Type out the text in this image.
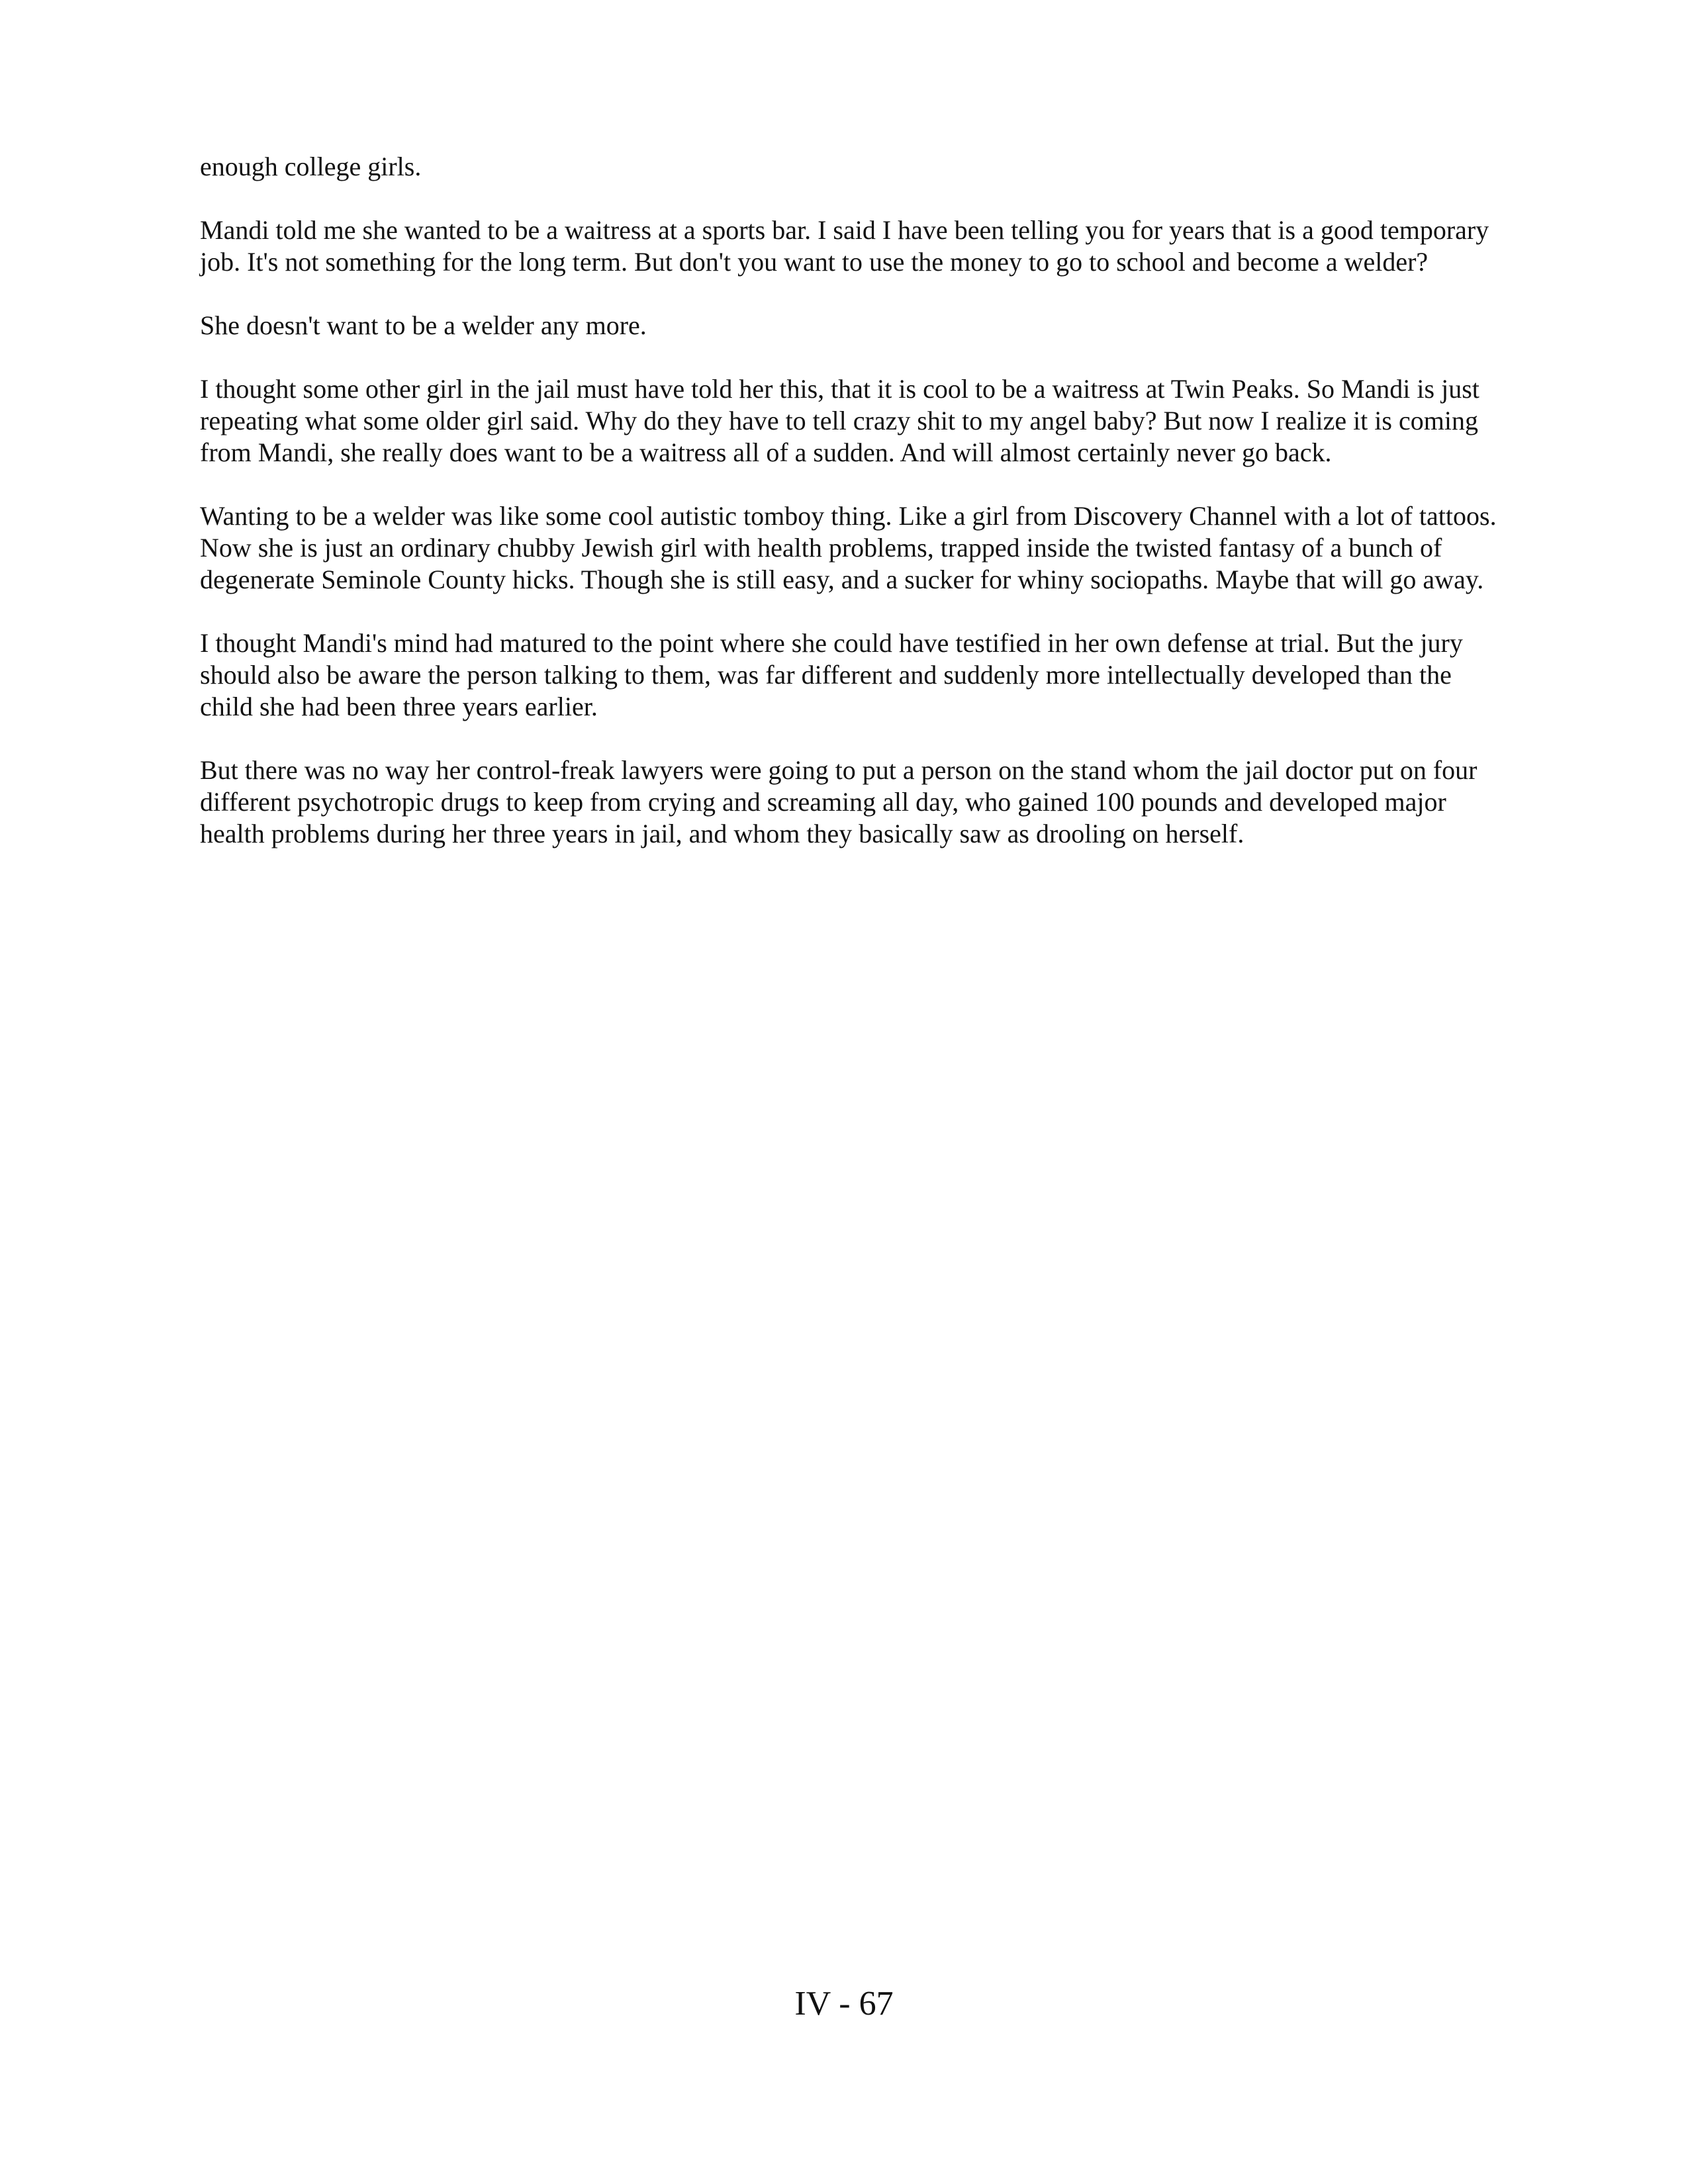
enough college girls.

Mandi told me she wanted to be a waitress at a sports bar. I said I have been telling you for years that is a good temporary job. It's not something for the long term. But don't you want to use the money to go to school and become a welder?

She doesn't want to be a welder any more.

I thought some other girl in the jail must have told her this, that it is cool to be a waitress at Twin Peaks. So Mandi is just repeating what some older girl said. Why do they have to tell crazy shit to my angel baby? But now I realize it is coming from Mandi, she really does want to be a waitress all of a sudden. And will almost certainly never go back.

Wanting to be a welder was like some cool autistic tomboy thing. Like a girl from Discovery Channel with a lot of tattoos. Now she is just an ordinary chubby Jewish girl with health problems, trapped inside the twisted fantasy of a bunch of degenerate Seminole County hicks. Though she is still easy, and a sucker for whiny sociopaths. Maybe that will go away.

I thought Mandi's mind had matured to the point where she could have testified in her own defense at trial. But the jury should also be aware the person talking to them, was far different and suddenly more intellectually developed than the child she had been three years earlier.

But there was no way her control-freak lawyers were going to put a person on the stand whom the jail doctor put on four different psychotropic drugs to keep from crying and screaming all day, who gained 100 pounds and developed major health problems during her three years in jail, and whom they basically saw as drooling on herself.

IV - 67
